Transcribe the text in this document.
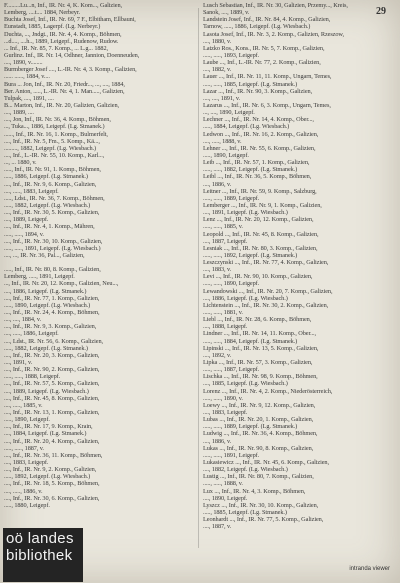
29
F.........Lu...n, Inf., IR. Nr. 4, K. Kom..., Galizien,
Lemberg, ....t.... 1884, Nerbeyr.
Buchta Josef, Inf., IR. Nr. 69, 7 F., Elbitham, Ellbauni,
Eunstadt, 1885, Lagerpf. (Lg. Nerbeyr.)
Duchta, ..., Jndgt., IR. Nr. 4, 4. Komp., Böhmen,
...d...., ....h.., 1889, Leigepf., Rudenow, Rudow.
... Inf., IR. Nr. 85, 7. Komp., ... L.g... 1882,
Gurlinz. Inf., IR. Nr. 14, Odhner, Jannion, Doenneuden,
...., 1890, v........
Burmberger Josef ...., L.-IR. Nr. 4, 3. Komp., Galizien,
...... ......, 1884, v....
Bura ... Jon, Inf., IR. Nr. 20, Friedr..., ..., ...., 1884,
Ber. Anton, ....., L.-IR. Nr. 4, 1. Man....., Galizien,
Tulpak, ...., 1891, ....
B... Marton, Inf., IR. Nr. 20, Galizien, Galizien,
...., 1889, ....
...., Jon, Inf., IR. Nr. 36, 4. Komp., Böhmen,
..., Tuka..., 1886, Leigepf. (Lg. Stmanek.)
......, Inf., IR. Nr. 16, 1. Komp., Bulmerfelt,
...., Inf., IR. Nr. 5, Fm., 5. Komp., Kä...,
........., 1882, Leigepf. (Lg. Wiesbach.)
...., Inf., L.-IR. Nr. 55, 10. Komp., Karl...,
..., ... 1880, v.
....., Inf., IR. Nr. 91, 1. Komp., Böhmen,
....., 1886, Leigepf. (Lg. Stmanek.)
...., Inf., IR. Nr. 9, 6. Komp., Galizien,
...., ....., 1883, Leigepf.
....., Ldst., IR. Nr. 36, 7. Komp., Böhmen,
....., 1882, Leigepf. (Lg. Wiesbach.)
...., Inf., IR. Nr. 30, 5. Komp., Galizien,
...., 1889, Leigepf.
...., Inf., IR. Nr. 4, 1. Komp., Mähren,
....., ....., 1894, v.
...., Inf., IR. Nr. 30, 10. Komp., Galizien,
....., ....., 1891, Leigepf. (Lg. Wiesbach.)
...., ..., IR. Nr. 36, Pal..., Galizien,
....., Inf., IR. Nr. 80, 8. Komp., Galizien,
Lemberg, ....., 1891, Leigepf.
..., Inf., IR. Nr. 20, 12. Komp., Galizien, Neu...,
...., 1886, Leigepf. (Lg. Stmanek.)
...., Inf., IR. Nr. 77, 1. Komp., Galizien,
....., 1890, Leigepf. (Lg. Wiesbach.)
...., Inf., IR. Nr. 24, 4. Komp., Böhmen,
...., ...., 1884, v.
...., Inf., IR. Nr. 9, 3. Komp., Galizien,
...., ....., 1886, Leigepf.
...., Ldst., IR. Nr. 56, 6. Komp., Galizien,
....., 1882, Leigepf. (Lg. Stmanek.)
...., Inf., IR. Nr. 20, 3. Komp., Galizien,
...., 1891, v.
...., Inf., IR. Nr. 90, 2. Komp., Galizien,
....., ....., 1888, Leigepf.
...., Inf., IR. Nr. 57, 5. Komp., Galizien,
...., 1889, Leigepf. (Lg. Wiesbach.)
...., Inf., IR. Nr. 45, 8. Komp., Galizien,
...., ....., 1885, v.
...., Inf., IR. Nr. 13, 1. Komp., Galizien,
....., 1890, Leigepf.
...., Inf., IR. Nr. 17, 9. Komp., Krain,
...., 1884, Leigepf. (Lg. Stmanek.)
...., Inf., IR. Nr. 20, 4. Komp., Galizien,
....., ....., 1887, v.
...., Inf., IR. Nr. 36, 11. Komp., Böhmen,
...., 1883, Leigepf.
...., Inf., IR. Nr. 9, 2. Komp., Galizien,
....., 1892, Leigepf. (Lg. Wiesbach.)
...., Inf., IR. Nr. 18, 5. Komp., Böhmen,
...., ....., 1886, v.
...., Inf., IR. Nr. 30, 6. Komp., Galizien,
....., 1880, Leigepf.
Lusch Sebastian, Inf., IR. Nr. 30, Galizien, Przemy..., Kreis,
Sanok, ...., 1889, v.
Landstein Josef, Inf., IR. Nr. 84, 4. Komp., Galizien,
Tarnow, ....., 1886, Leigepf. (Lg. Wiesbach.)
Lasota Josef, Inf., IR. Nr. 3, 2. Komp., Galizien, Rzeszow,
...., 1880, v.
Latzko Ros., Kons., IR. Nr. 5, 7. Komp., Galizien,
....., ....., 1893, Leigepf.
Laube ..., Inf., L.-IR. Nr. 77, 2. Komp., Galizien,
...., 1882, v.
Lauer ..., Inf., IR. Nr. 11, 11. Komp., Ungarn, Temes,
....., ....., 1885, Leigepf. (Lg. Stmanek.)
Lazar ..., Inf., IR. Nr. 90, 3. Komp., Galizien,
...., ...., 1891, v.
Lazarus ..., Inf., IR. Nr. 6, 3. Komp., Ungarn, Temes,
..., ...., 1890, Leigepf.
Lechner ..., Inf., IR. Nr. 14, 4. Komp., Ober...,
....., 1884, Leigepf. (Lg. Wiesbach.)
Ledwon ..., Inf., IR. Nr. 16, 2. Komp., Galizien,
...., ....., 1888, v.
Lehner ..., Inf., IR. Nr. 55, 6. Komp., Galizien,
....., 1890, Leigepf.
Leib ..., Inf., IR. Nr. 57, 1. Komp., Galizien,
....., ....., 1882, Leigepf. (Lg. Stmanek.)
Leibl ..., Inf., IR. Nr. 36, 5. Komp., Böhmen,
...., 1886, v.
Leitner ..., Inf., IR. Nr. 59, 9. Komp., Salzburg,
....., ....., 1889, Leigepf.
Lemberger ..., Inf., IR. Nr. 9, 1. Komp., Galizien,
...., 1891, Leigepf. (Lg. Wiesbach.)
Lenz ..., Inf., IR. Nr. 20, 12. Komp., Galizien,
....., ....., 1885, v.
Leopold ..., Inf., IR. Nr. 45, 8. Komp., Galizien,
...., 1887, Leigepf.
Lesniak ..., Inf., IR. Nr. 80, 3. Komp., Galizien,
....., ....., 1892, Leigepf. (Lg. Stmanek.)
Leszczynski ..., Inf., IR. Nr. 77, 4. Komp., Galizien,
...., 1883, v.
Levi ..., Inf., IR. Nr. 90, 10. Komp., Galizien,
....., ....., 1890, Leigepf.
Lewandowski ..., Inf., IR. Nr. 20, 7. Komp., Galizien,
...., 1886, Leigepf. (Lg. Wiesbach.)
Lichtenstein ..., Inf., IR. Nr. 30, 2. Komp., Galizien,
....., ....., 1881, v.
Liebl ..., Inf., IR. Nr. 28, 6. Komp., Böhmen,
...., 1888, Leigepf.
Lindner ..., Inf., IR. Nr. 14, 11. Komp., Ober...,
....., ....., 1884, Leigepf. (Lg. Stmanek.)
Lipinski ..., Inf., IR. Nr. 13, 5. Komp., Galizien,
...., 1892, v.
Lipka ..., Inf., IR. Nr. 57, 3. Komp., Galizien,
....., ....., 1887, Leigepf.
Lischka ..., Inf., IR. Nr. 98, 9. Komp., Böhmen,
...., 1885, Leigepf. (Lg. Wiesbach.)
Lorenz ..., Inf., IR. Nr. 4, 2. Komp., Niederösterreich,
....., ....., 1890, v.
Loewy ..., Inf., IR. Nr. 9, 12. Komp., Galizien,
...., 1883, Leigepf.
Lubas ..., Inf., IR. Nr. 20, 1. Komp., Galizien,
....., ....., 1889, Leigepf. (Lg. Stmanek.)
Ludwig ..., Inf., IR. Nr. 36, 4. Komp., Böhmen,
...., 1886, v.
Lukas ..., Inf., IR. Nr. 90, 8. Komp., Galizien,
....., ....., 1891, Leigepf.
Lukasiewicz ..., Inf., IR. Nr. 45, 6. Komp., Galizien,
...., 1882, Leigepf. (Lg. Wiesbach.)
Lustig ..., Inf., IR. Nr. 80, 7. Komp., Galizien,
....., ....., 1888, v.
Lux ..., Inf., IR. Nr. 4, 3. Komp., Böhmen,
...., 1890, Leigepf.
Lyszcz ..., Inf., IR. Nr. 30, 10. Komp., Galizien,
....., 1885, Leigepf. (Lg. Stmanek.)
Leonhardt ..., Inf., IR. Nr. 77, 5. Komp., Galizien,
...., 1887, v.
oö landes
bibliothek
intranda viewer
